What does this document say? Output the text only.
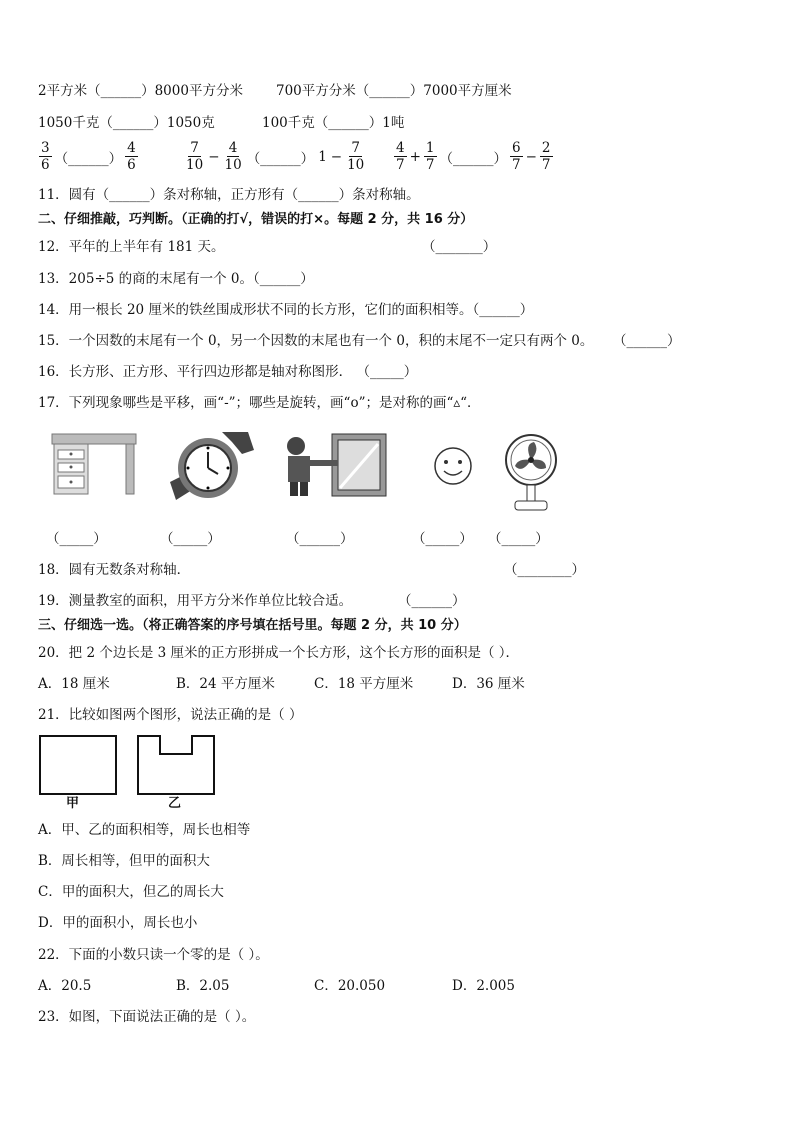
2平方米（______）8000平方分米 700平方分米（______）7000平方厘米
1050千克（______）1050克	100千克（______）1吨
$\frac{3}{6}$ （______） $\frac{4}{6}$	$\frac{7}{10} - \frac{4}{10}$ （______） $1 - \frac{7}{10} \frac{4}{7} + \frac{1}{7}$ （______） $\frac{6}{7} - \frac{2}{7}$
11．圆有（______）条对称轴，正方形有（______）条对称轴。
二、仔细推敲，巧判断。（正确的打√，错误的打×。每题 2 分，共 16 分）
12．平年的上半年有 181 天。	（_______）
13．205÷5 的商的末尾有一个 0。（______）
14．用一根长 20 厘米的铁丝围成形状不同的长方形，它们的面积相等。（______）
15．一个因数的末尾有一个 0，另一个因数的末尾也有一个 0，积的末尾不一定只有两个 0。 （______）
16．长方形、正方形、平行四边形都是轴对称图形． （_____）
17．下列现象哪些是平移，画“-”；哪些是旋转，画“o”；是对称的画“▵“．
（_____）	（_____）	（______）	（_____） （_____）
18．圆有无数条对称轴．	（________）
19．测量教室的面积，用平方分米作单位比较合适。	（______）
三、仔细选一选。（将正确答案的序号填在括号里。每题 2 分，共 10 分）
20．把 2 个边长是 3 厘米的正方形拼成一个长方形，这个长方形的面积是（ ）．
A．18 厘米	B．24 平方厘米	C．18 平方厘米	D．36 厘米
21．比较如图两个图形，说法正确的是（ ）
甲	乙
A．甲、乙的面积相等，周长也相等
B．周长相等，但甲的面积大
C．甲的面积大，但乙的周长大
D．甲的面积小，周长也小
22．下面的小数只读一个零的是（ ）。
A．20.5	B．2.05	C．20.050	D．2.005
23．如图，下面说法正确的是（ ）。
